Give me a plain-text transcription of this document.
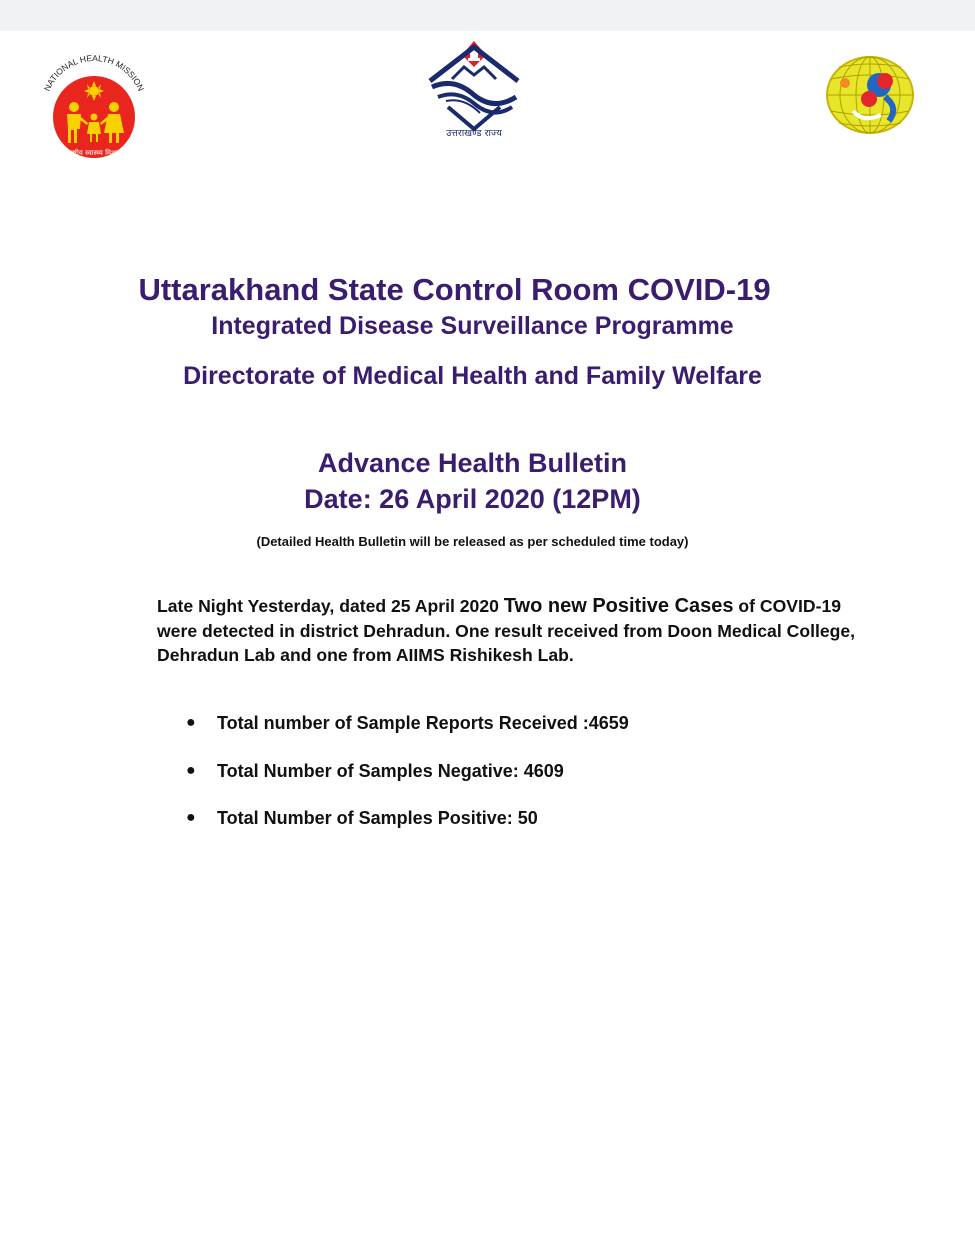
NATIONAL HEALTH MISSION
राष्ट्रीय स्वास्थ्य मिशन
उत्तराखण्ड राज्य
Uttarakhand State Control Room COVID-19
Integrated Disease Surveillance Programme
Directorate of Medical Health and Family Welfare
Advance Health Bulletin
Date: 26 April 2020 (12PM)
(Detailed Health Bulletin will be released as per scheduled time today)
Late Night Yesterday, dated 25 April 2020 Two new Positive Cases of COVID-19 were detected in district Dehradun. One result received from Doon Medical College, Dehradun Lab and one from AIIMS Rishikesh Lab.
● Total number of Sample Reports Received :4659
● Total Number of Samples Negative: 4609
● Total Number of Samples Positive: 50
